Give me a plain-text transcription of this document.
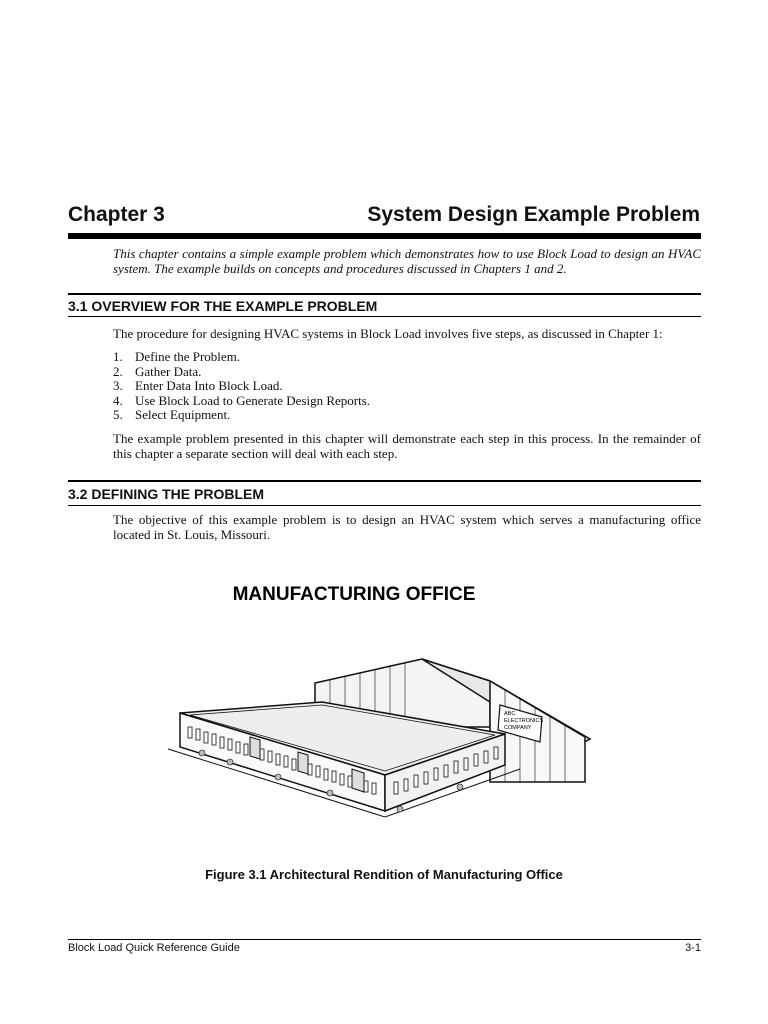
Chapter 3	System Design Example Problem
This chapter contains a simple example problem which demonstrates how to use Block Load to design an HVAC system. The example builds on concepts and procedures discussed in Chapters 1 and 2.
3.1 OVERVIEW FOR THE EXAMPLE PROBLEM
The procedure for designing HVAC systems in Block Load involves five steps, as discussed in Chapter 1:
1. Define the Problem.
2. Gather Data.
3. Enter Data Into Block Load.
4. Use Block Load to Generate Design Reports.
5. Select Equipment.
The example problem presented in this chapter will demonstrate each step in this process. In the remainder of this chapter a separate section will deal with each step.
3.2 DEFINING THE PROBLEM
The objective of this example problem is to design an HVAC system which serves a manufacturing office located in St. Louis, Missouri.
MANUFACTURING OFFICE
ABC
ELECTRONICS
COMPANY
Figure 3.1 Architectural Rendition of Manufacturing Office
Block Load Quick Reference Guide	3-1
